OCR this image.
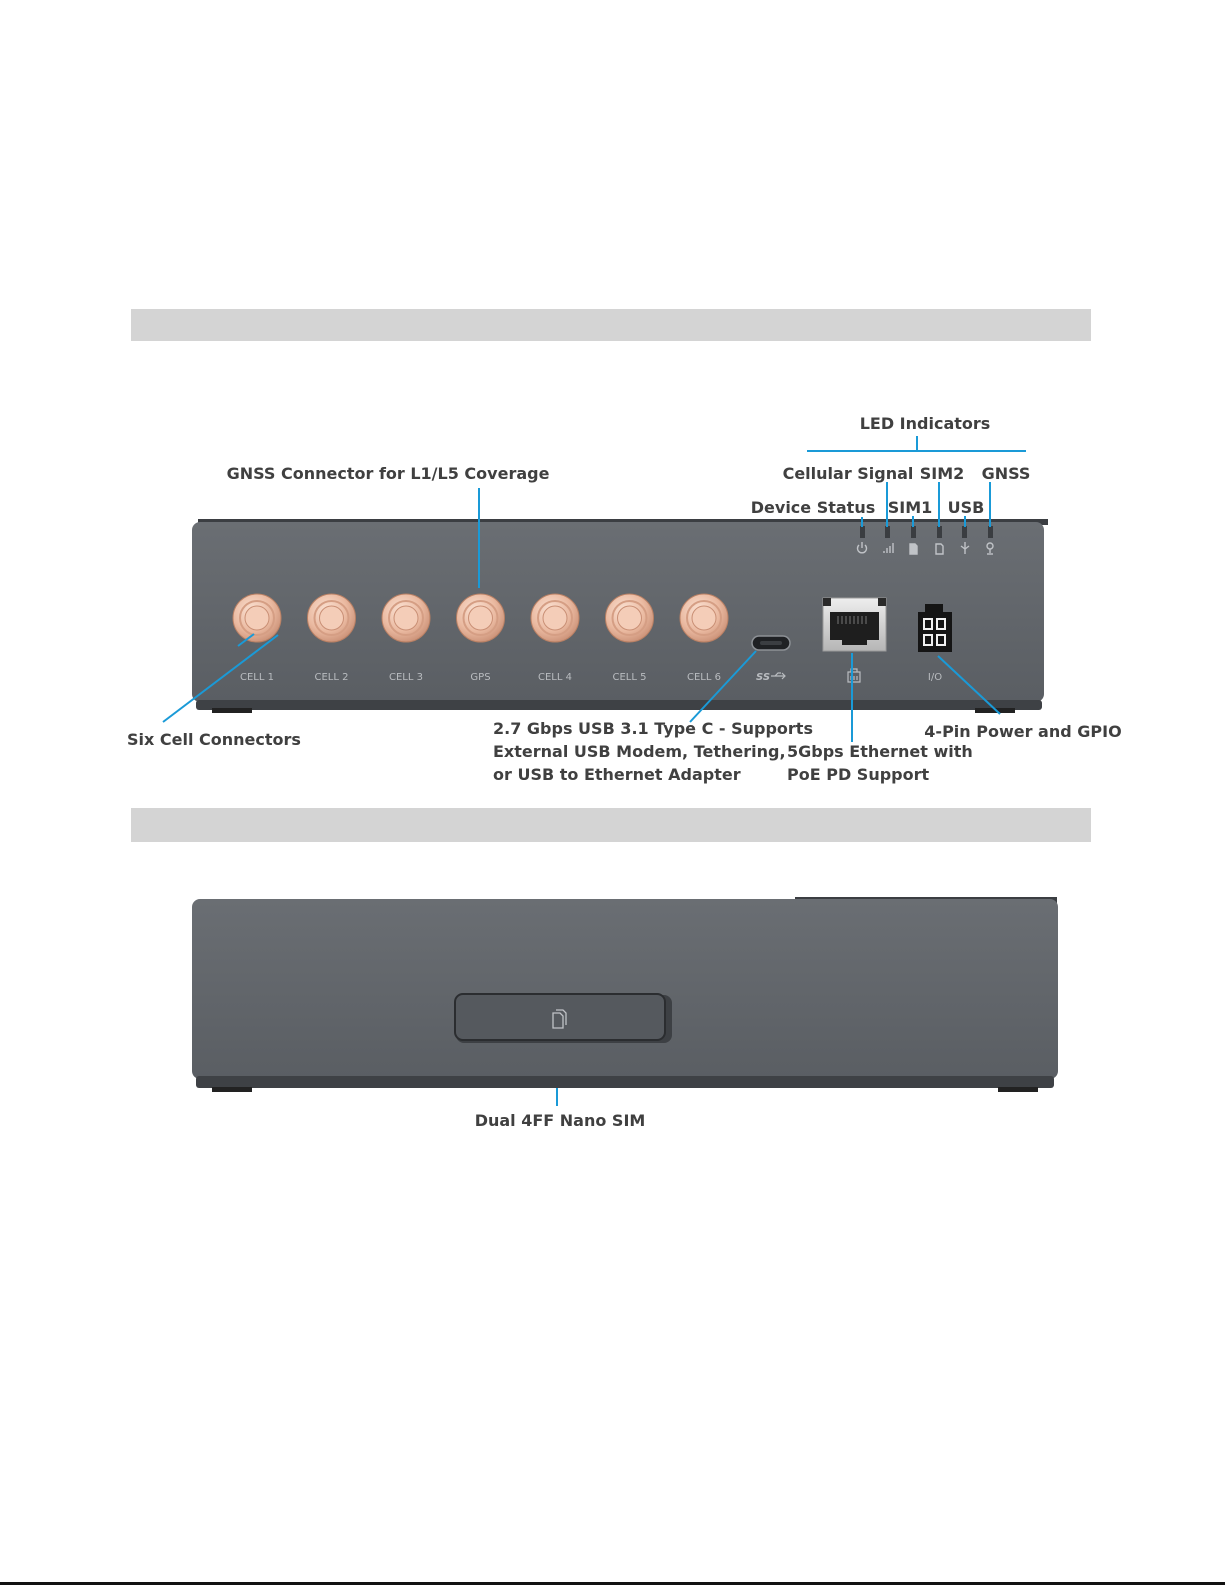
CELL 1	CELL 2	CELL 3	GPS	CELL 4	CELL 5	CELL 6	SS	I/O
LED Indicators
GNSS Connector for L1/L5 Coverage	Cellular Signal SIM2 GNSS
Device Status SIM1 USB
Six Cell Connectors
2.7 Gbps USB 3.1 Type C - Supports
External USB Modem, Tethering,
or USB to Ethernet Adapter
5Gbps Ethernet with
PoE PD Support
4-Pin Power and GPIO
Dual 4FF Nano SIM
